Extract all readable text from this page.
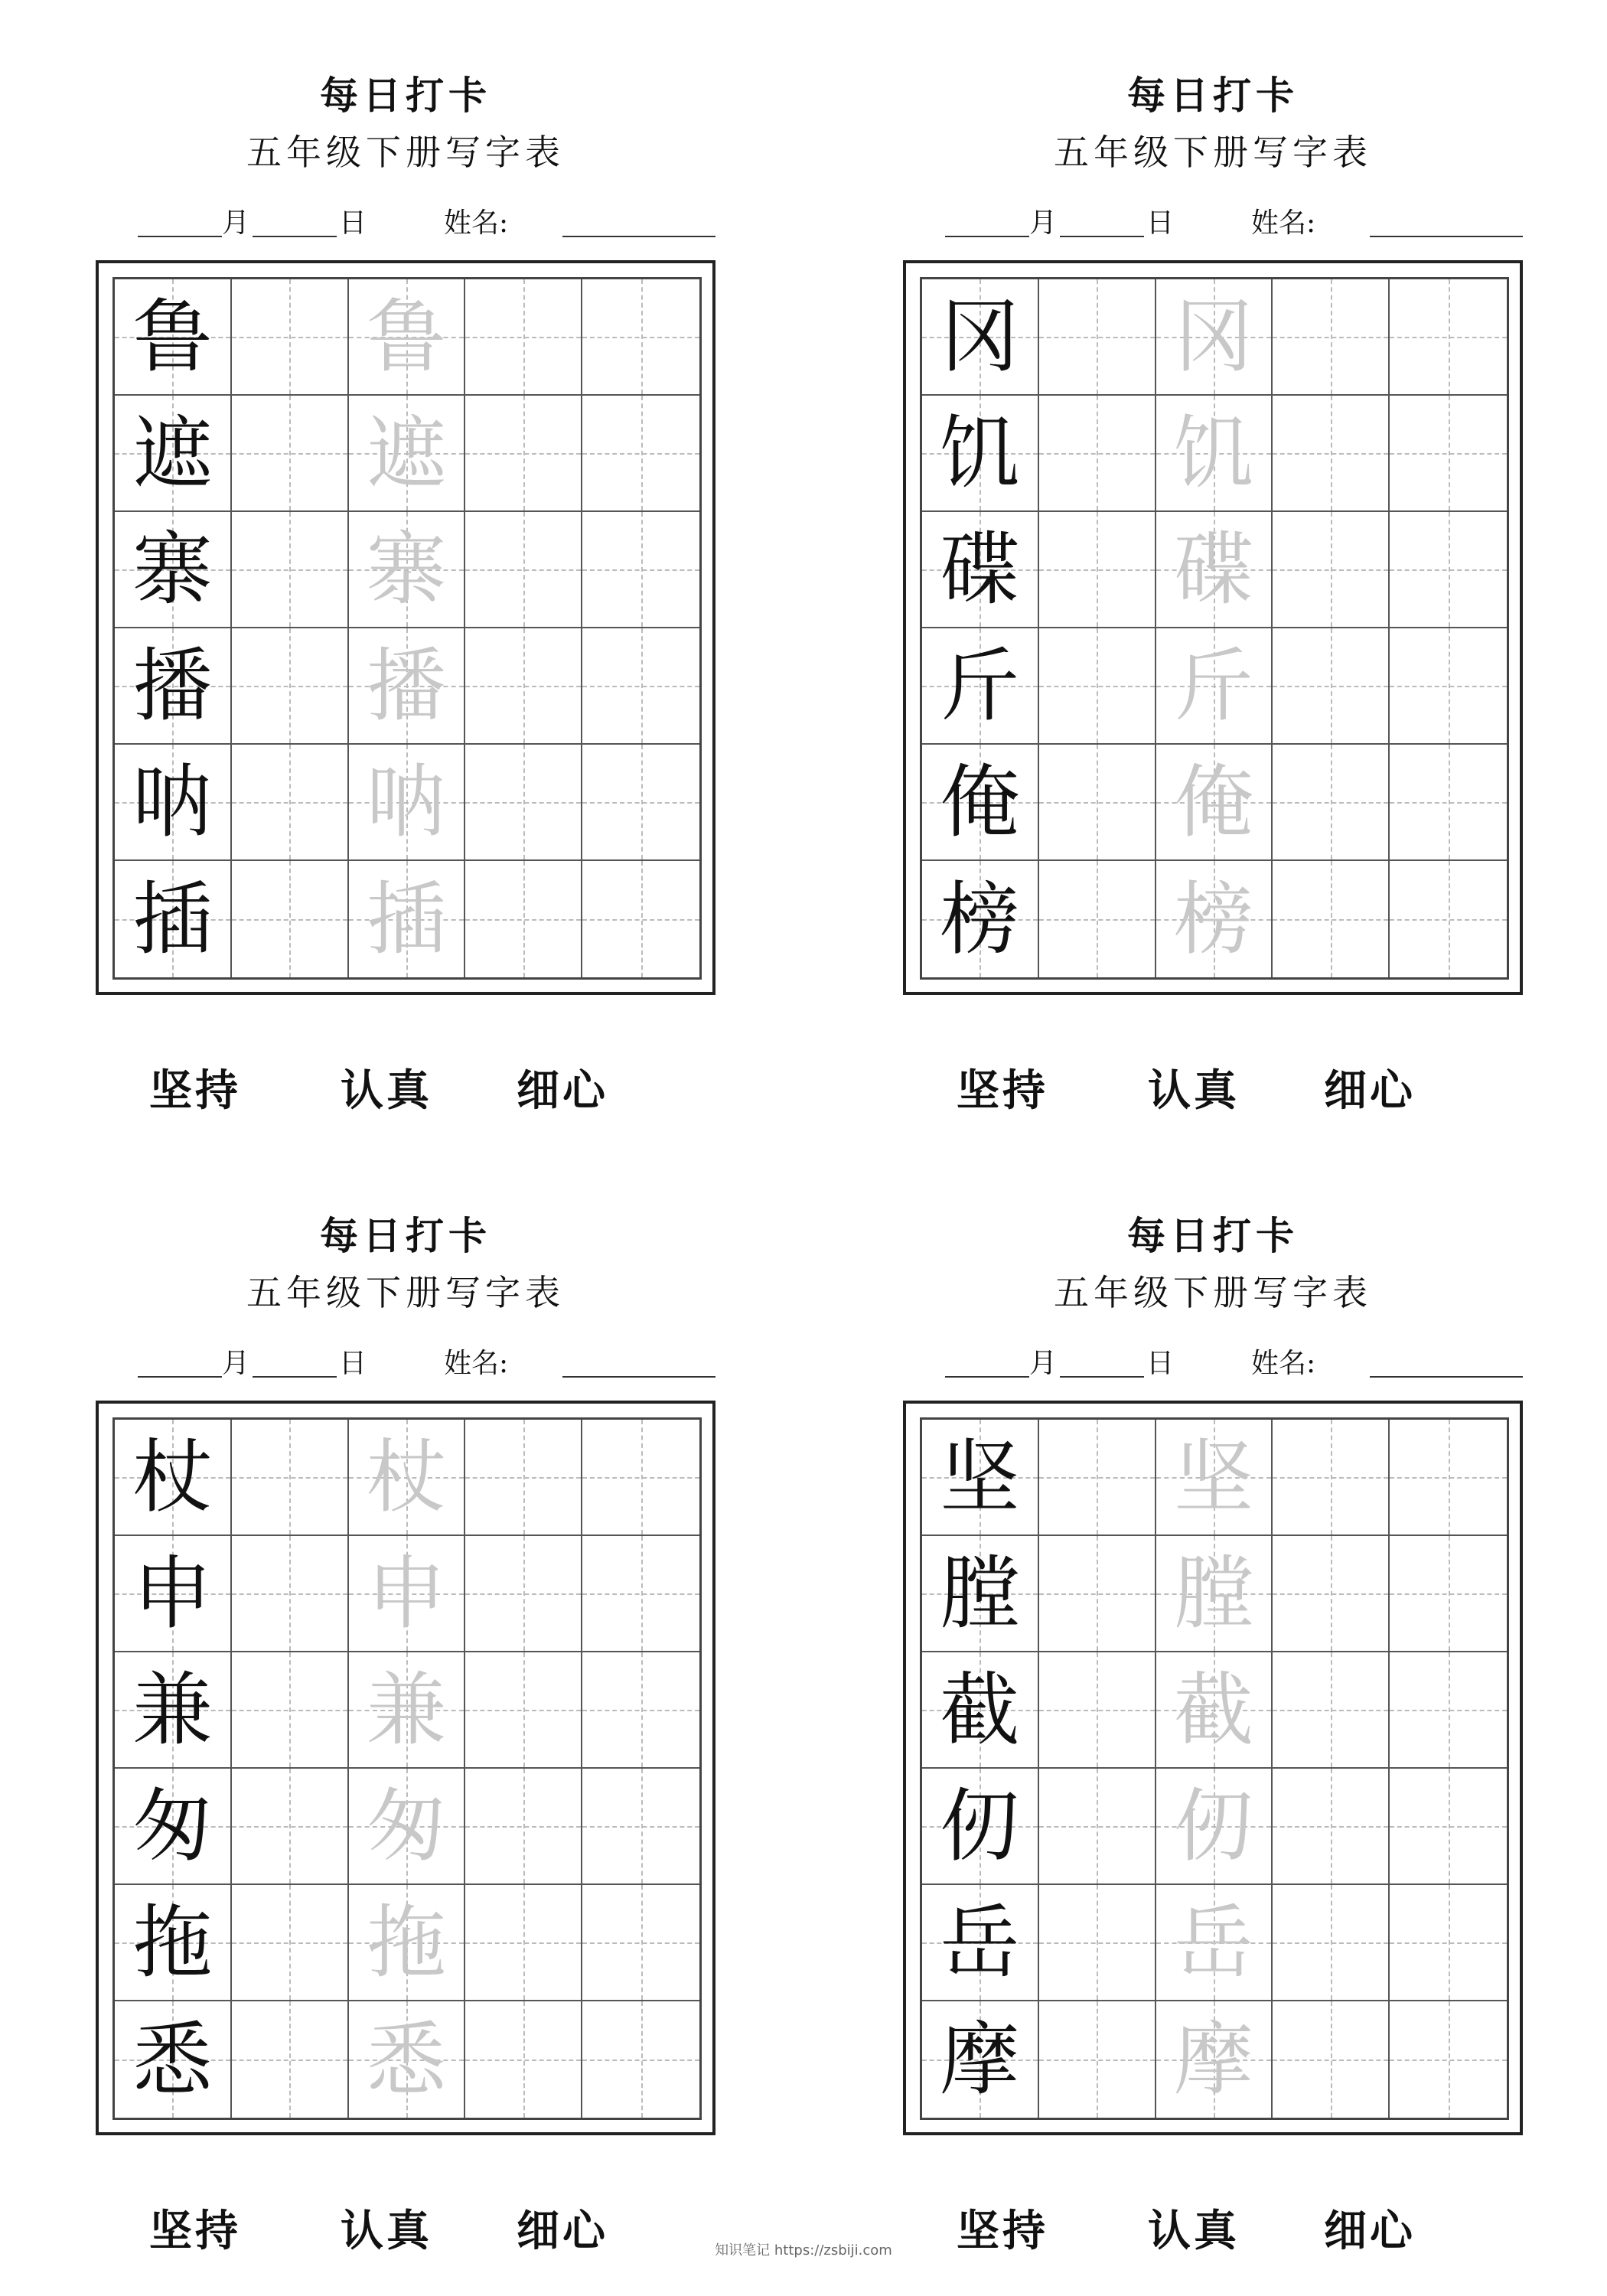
每日打卡
五年级下册写字表
月	日	姓名:
鲁 鲁
遮 遮
寨 寨
播 播
呐 呐
插 插
坚持 认真 细心
每日打卡
五年级下册写字表
月	日	姓名:
冈 冈
饥 饥
碟 碟
斤 斤
俺 俺
榜 榜
坚持 认真 细心
每日打卡
五年级下册写字表
月	日	姓名:
杖 杖
申 申
兼 兼
匆 匆
拖 拖
悉 悉
坚持 认真 细心
每日打卡
五年级下册写字表
月	日	姓名:
坚 坚
膛 膛
截 截
仞 仞
岳 岳
摩 摩
坚持 认真 细心
知识笔记 https://zsbiji.com
